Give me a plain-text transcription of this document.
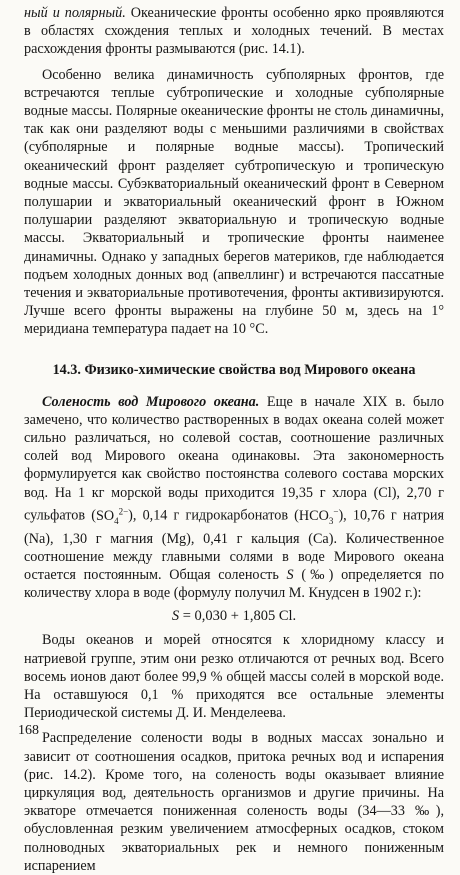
ный и полярный. Океанические фронты особенно ярко проявляются в областях схождения теплых и холодных течений. В местах расхождения фронты размываются (рис. 14.1).

Особенно велика динамичность субполярных фронтов, где встречаются теплые субтропические и холодные субполярные водные массы. Полярные океанические фронты не столь динамичны, так как они разделяют воды с меньшими различиями в свойствах (субполярные и полярные водные массы). Тропический океанический фронт разделяет субтропическую и тропическую водные массы. Субэкваториальный океанический фронт в Северном полушарии и экваториальный океанический фронт в Южном полушарии разделяют экваториальную и тропическую водные массы. Экваториальный и тропические фронты наименее динамичны. Однако у западных берегов материков, где наблюдается подъем холодных донных вод (апвеллинг) и встречаются пассатные течения и экваториальные противотечения, фронты активизируются. Лучше всего фронты выражены на глубине 50 м, здесь на 1° меридиана температура падает на 10 °С.

14.3. Физико-химические свойства вод Мирового океана

Соленость вод Мирового океана. Еще в начале XIX в. было замечено, что количество растворенных в водах океана солей может сильно различаться, но солевой состав, соотношение различных солей вод Мирового океана одинаковы. Эта закономерность формулируется как свойство постоянства солевого состава морских вод. На 1 кг морской воды приходится 19,35 г хлора (Cl), 2,70 г сульфатов $(SO_4^{2-})$, 0,14 г гидрокарбонатов $(HCO_3^-)$, 10,76 г натрия (Na), 1,30 г магния (Mg), 0,41 г кальция (Ca). Количественное соотношение между главными солями в воде Мирового океана остается постоянным. Общая соленость S (‰) определяется по количеству хлора в воде (формулу получил М. Кнудсен в 1902 г.):

S = 0,030 + 1,805 Cl.

Воды океанов и морей относятся к хлоридному классу и натриевой группе, этим они резко отличаются от речных вод. Всего восемь ионов дают более 99,9 % общей массы солей в морской воде. На оставшуюся 0,1 % приходятся все остальные элементы Периодической системы Д. И. Менделеева.

Распределение солености воды в водных массах зонально и зависит от соотношения осадков, притока речных вод и испарения (рис. 14.2). Кроме того, на соленость воды оказывает влияние циркуляция вод, деятельность организмов и другие причины. На экваторе отмечается пониженная соленость воды (34—33 ‰), обусловленная резким увеличением атмосферных осадков, стоком полноводных экваториальных рек и немного пониженным испарением

168
